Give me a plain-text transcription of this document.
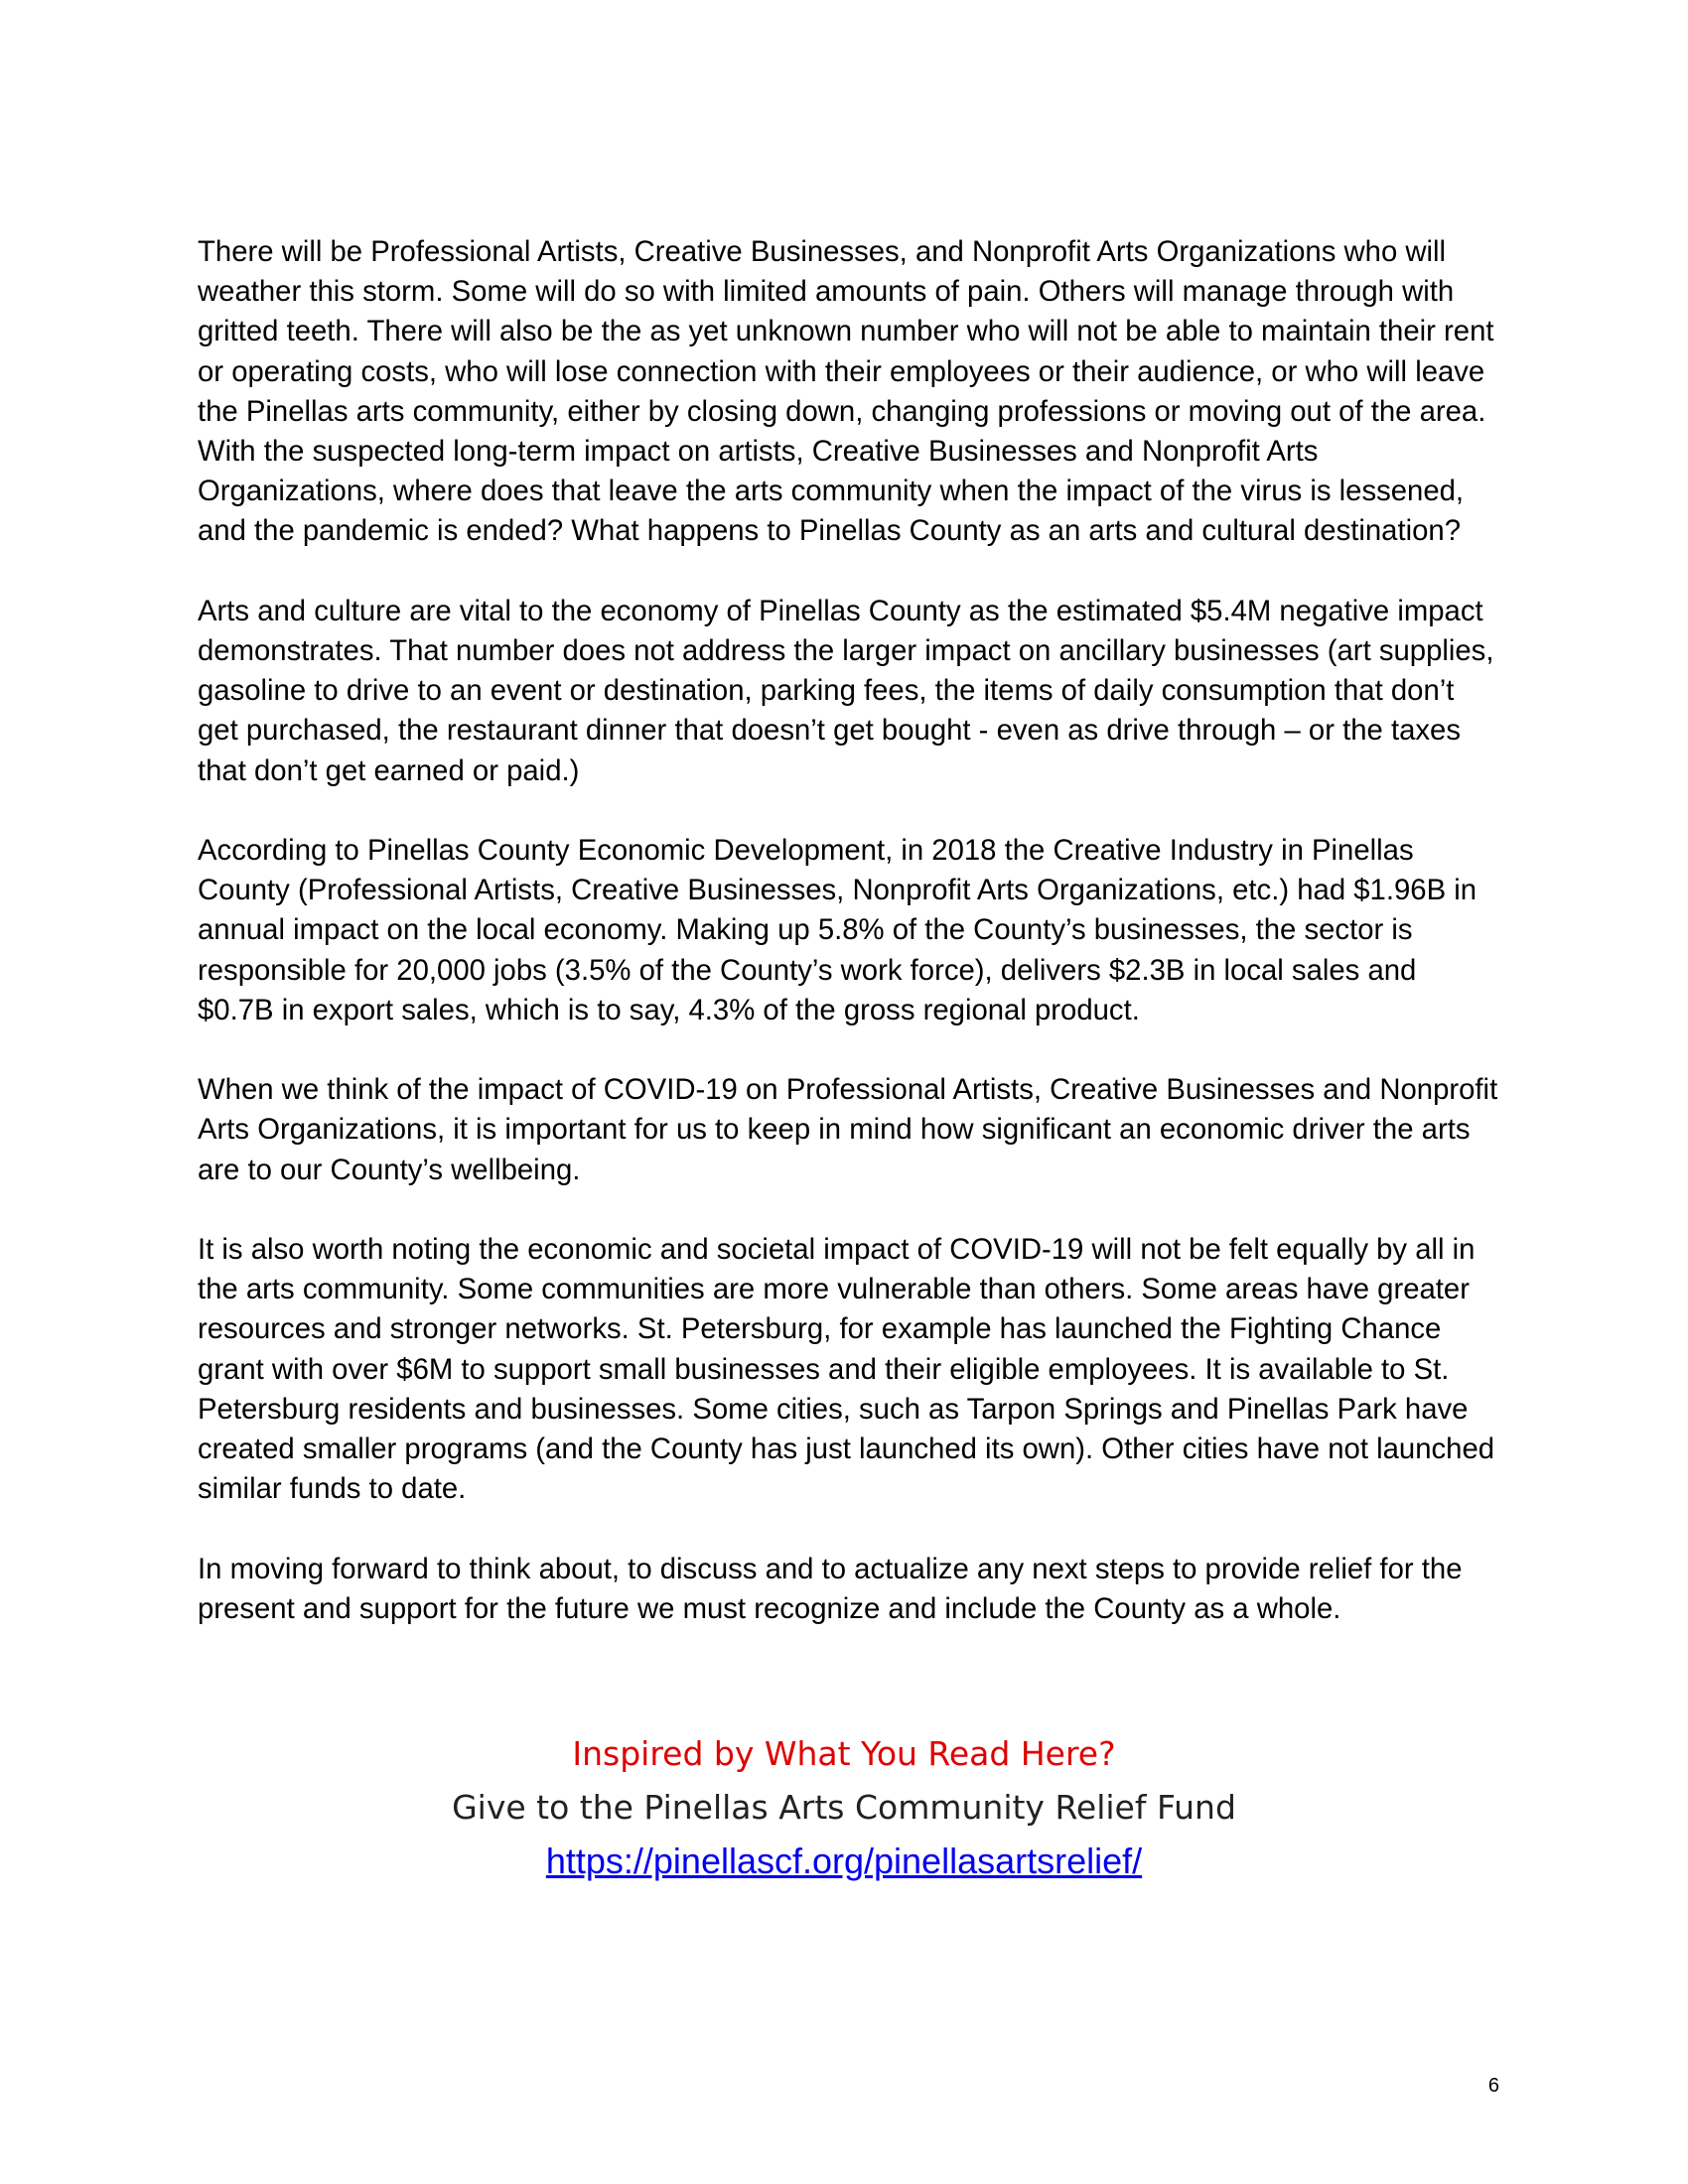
There will be Professional Artists, Creative Businesses, and Nonprofit Arts Organizations who will weather this storm. Some will do so with limited amounts of pain. Others will manage through with gritted teeth. There will also be the as yet unknown number who will not be able to maintain their rent or operating costs, who will lose connection with their employees or their audience, or who will leave the Pinellas arts community, either by closing down, changing professions or moving out of the area. With the suspected long-term impact on artists, Creative Businesses and Nonprofit Arts Organizations, where does that leave the arts community when the impact of the virus is lessened, and the pandemic is ended? What happens to Pinellas County as an arts and cultural destination?

Arts and culture are vital to the economy of Pinellas County as the estimated $5.4M negative impact demonstrates. That number does not address the larger impact on ancillary businesses (art supplies, gasoline to drive to an event or destination, parking fees, the items of daily consumption that don’t get purchased, the restaurant dinner that doesn’t get bought - even as drive through – or the taxes that don’t get earned or paid.)

According to Pinellas County Economic Development, in 2018 the Creative Industry in Pinellas County (Professional Artists, Creative Businesses, Nonprofit Arts Organizations, etc.) had $1.96B in annual impact on the local economy. Making up 5.8% of the County’s businesses, the sector is responsible for 20,000 jobs (3.5% of the County’s work force), delivers $2.3B in local sales and $0.7B in export sales, which is to say, 4.3% of the gross regional product.

When we think of the impact of COVID-19 on Professional Artists, Creative Businesses and Nonprofit Arts Organizations, it is important for us to keep in mind how significant an economic driver the arts are to our County’s wellbeing.

It is also worth noting the economic and societal impact of COVID-19 will not be felt equally by all in the arts community. Some communities are more vulnerable than others. Some areas have greater resources and stronger networks. St. Petersburg, for example has launched the Fighting Chance grant with over $6M to support small businesses and their eligible employees. It is available to St. Petersburg residents and businesses. Some cities, such as Tarpon Springs and Pinellas Park have created smaller programs (and the County has just launched its own). Other cities have not launched similar funds to date.

In moving forward to think about, to discuss and to actualize any next steps to provide relief for the present and support for the future we must recognize and include the County as a whole.

Inspired by What You Read Here?
Give to the Pinellas Arts Community Relief Fund
https://pinellascf.org/pinellasartsrelief/
6
